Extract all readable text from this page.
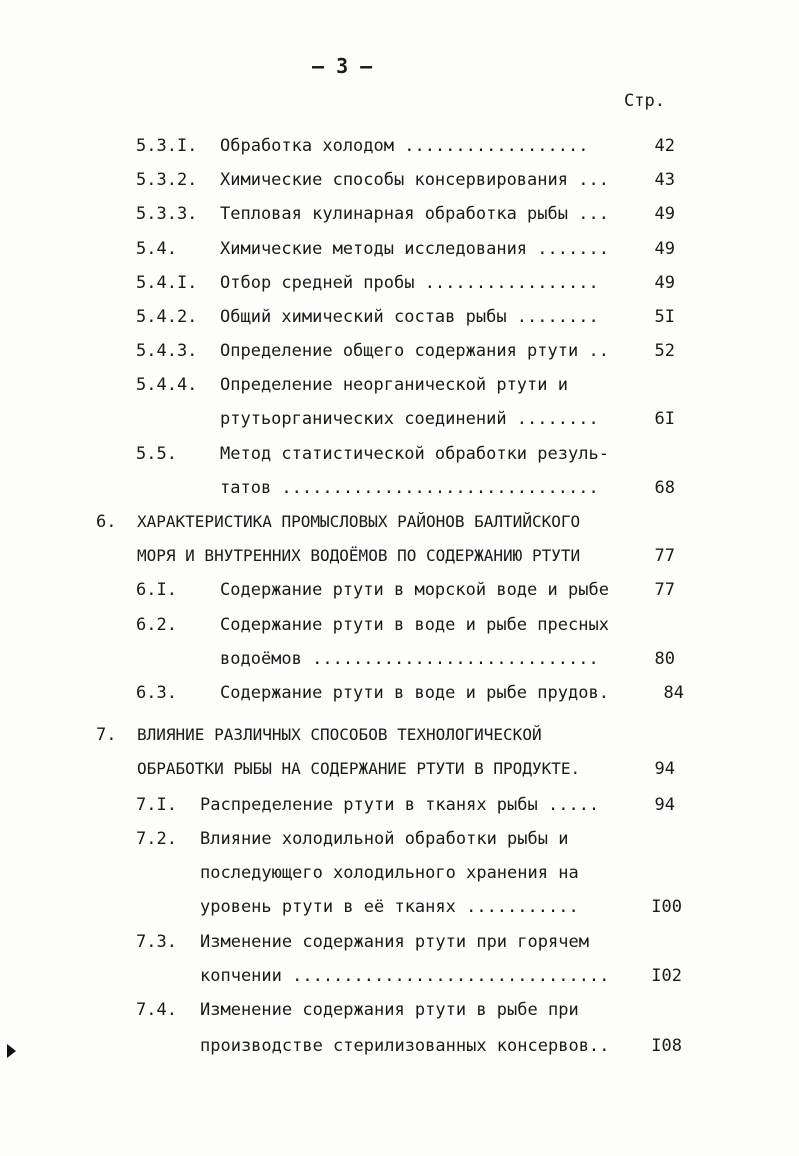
– 3 –
Стр.
5.3.I. Обработка холодом ..................	42
5.3.2. Химические способы консервирования ...	43
5.3.3. Тепловая кулинарная обработка рыбы ...	49
5.4.	Химические методы исследования .......	49
5.4.I. Отбор средней пробы .................	49
5.4.2. Общий химический состав рыбы ........	5I
5.4.3. Определение общего содержания ртути ..	52
5.4.4. Определение неорганической ртути и
ртутьорганических соединений ........	6I
5.5.	Метод статистической обработки резуль-
татов ...............................	68
6. ХАРАКТЕРИСТИКА ПРОМЫСЛОВЫХ РАЙОНОВ БАЛТИЙСКОГО
МОРЯ И ВНУТРЕННИХ ВОДОЁМОВ ПО СОДЕРЖАНИЮ РТУТИ	77
6.I.	Содержание ртути в морской воде и рыбе	77
6.2.	Содержание ртути в воде и рыбе пресных
водоёмов ............................	80
6.3.	Содержание ртути в воде и рыбе прудов.	84
7. ВЛИЯНИЕ РАЗЛИЧНЫХ СПОСОБОВ ТЕХНОЛОГИЧЕСКОЙ
ОБРАБОТКИ РЫБЫ НА СОДЕРЖАНИЕ РТУТИ В ПРОДУКТЕ.	94
7.I. Распределение ртути в тканях рыбы .....	94
7.2. Влияние холодильной обработки рыбы и
последующего холодильного хранения на
уровень ртути в её тканях ...........	I00
7.3. Изменение содержания ртути при горячем
копчении ...............................	I02
7.4. Изменение содержания ртути в рыбе при
производстве стерилизованных консервов..	I08
